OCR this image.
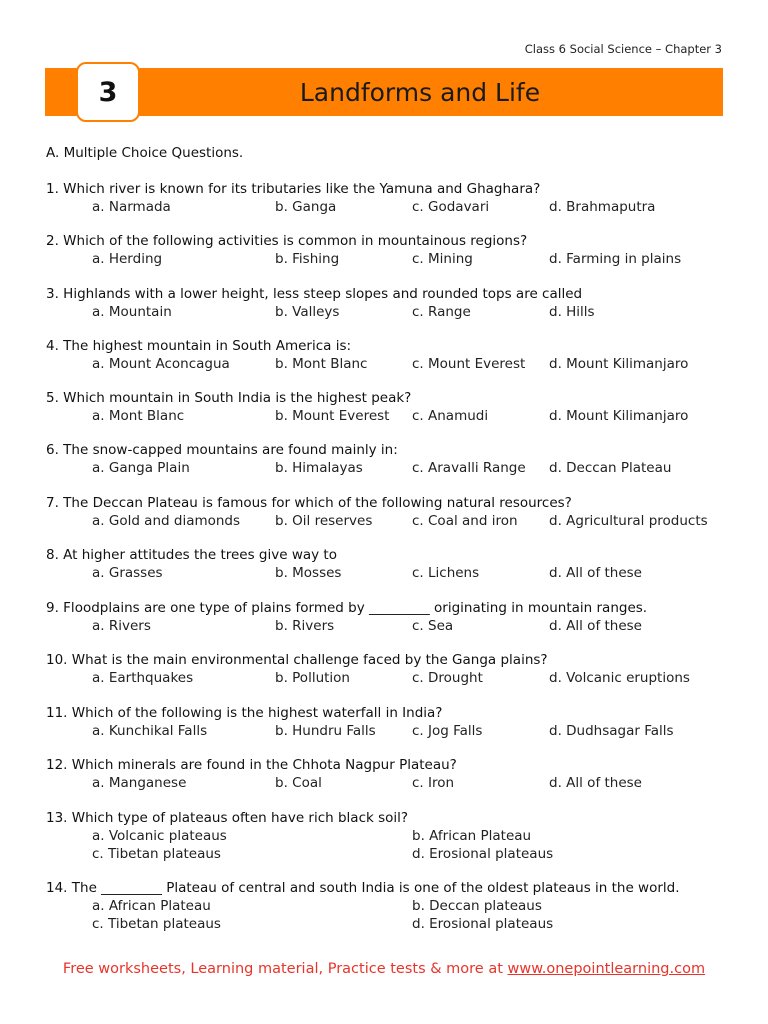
Class 6 Social Science – Chapter 3
3	Landforms and Life
A. Multiple Choice Questions.
1. Which river is known for its tributaries like the Yamuna and Ghaghara?
a. Narmada	b. Ganga	c. Godavari	d. Brahmaputra
2. Which of the following activities is common in mountainous regions?
a. Herding	b. Fishing	c. Mining	d. Farming in plains
3. Highlands with a lower height, less steep slopes and rounded tops are called
a. Mountain	b. Valleys	c. Range	d. Hills
4. The highest mountain in South America is:
a. Mount Aconcagua	b. Mont Blanc	c. Mount Everest d. Mount Kilimanjaro
5. Which mountain in South India is the highest peak?
a. Mont Blanc	b. Mount Everest c. Anamudi	d. Mount Kilimanjaro
6. The snow-capped mountains are found mainly in:
a. Ganga Plain	b. Himalayas	c. Aravalli Range d. Deccan Plateau
7. The Deccan Plateau is famous for which of the following natural resources?
a. Gold and diamonds	b. Oil reserves	c. Coal and iron d. Agricultural products
8. At higher attitudes the trees give way to
a. Grasses	b. Mosses	c. Lichens	d. All of these
9. Floodplains are one type of plains formed by _________ originating in mountain ranges.
a. Rivers	b. Rivers	c. Sea	d. All of these
10. What is the main environmental challenge faced by the Ganga plains?
a. Earthquakes	b. Pollution	c. Drought	d. Volcanic eruptions
11. Which of the following is the highest waterfall in India?
a. Kunchikal Falls	b. Hundru Falls	c. Jog Falls	d. Dudhsagar Falls
12. Which minerals are found in the Chhota Nagpur Plateau?
a. Manganese	b. Coal	c. Iron	d. All of these
13. Which type of plateaus often have rich black soil?
a. Volcanic plateaus	b. African Plateau
c. Tibetan plateaus	d. Erosional plateaus
14. The _________ Plateau of central and south India is one of the oldest plateaus in the world.
a. African Plateau	b. Deccan plateaus
c. Tibetan plateaus	d. Erosional plateaus
Free worksheets, Learning material, Practice tests & more at www.onepointlearning.com
